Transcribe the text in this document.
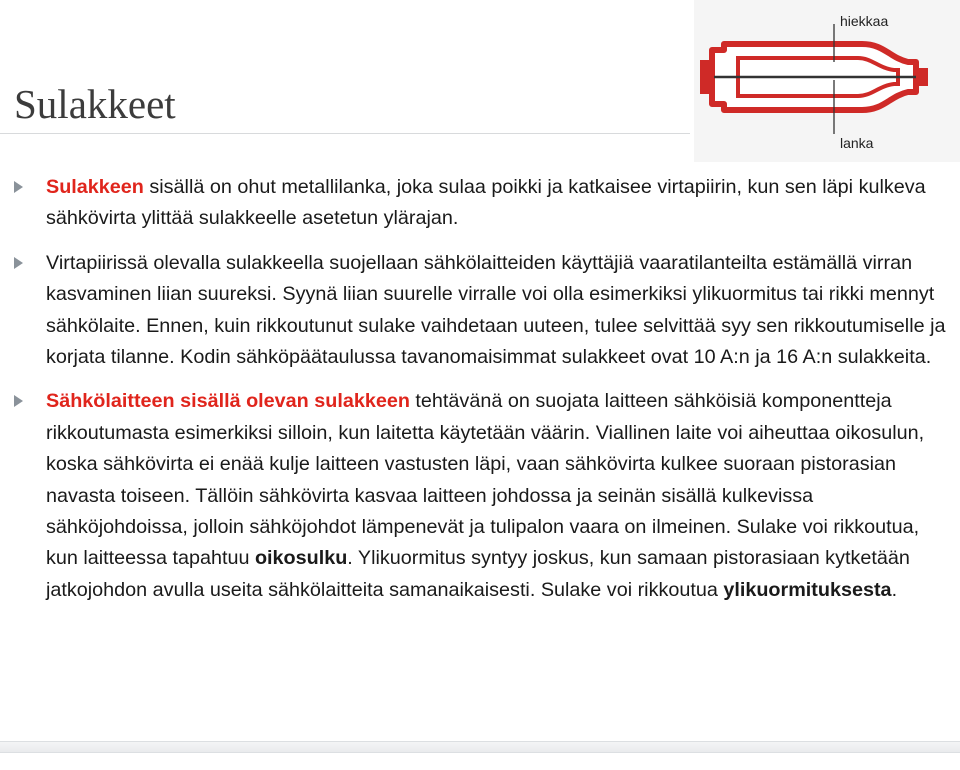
Sulakkeet
hiekkaa
lanka

Sulakkeen sisällä on ohut metallilanka, joka sulaa poikki ja katkaisee virtapiirin, kun sen läpi kulkeva sähkövirta ylittää sulakkeelle asetetun ylärajan.

Virtapiirissä olevalla sulakkeella suojellaan sähkölaitteiden käyttäjiä vaaratilanteilta estämällä virran kasvaminen liian suureksi. Syynä liian suurelle virralle voi olla esimerkiksi ylikuormitus tai rikki mennyt sähkölaite. Ennen, kuin rikkoutunut sulake vaihdetaan uuteen, tulee selvittää syy sen rikkoutumiselle ja korjata tilanne. Kodin sähköpäätaulussa tavanomaisimmat sulakkeet ovat 10 A:n ja 16 A:n sulakkeita.

Sähkölaitteen sisällä olevan sulakkeen tehtävänä on suojata laitteen sähköisiä komponentteja rikkoutumasta esimerkiksi silloin, kun laitetta käytetään väärin. Viallinen laite voi aiheuttaa oikosulun, koska sähkövirta ei enää kulje laitteen vastusten läpi, vaan sähkövirta kulkee suoraan pistorasian navasta toiseen. Tällöin sähkövirta kasvaa laitteen johdossa ja seinän sisällä kulkevissa sähköjohdoissa, jolloin sähköjohdot lämpenevät ja tulipalon vaara on ilmeinen. Sulake voi rikkoutua, kun laitteessa tapahtuu oikosulku. Ylikuormitus syntyy joskus, kun samaan pistorasiaan kytketään jatkojohdon avulla useita sähkölaitteita samanaikaisesti. Sulake voi rikkoutua ylikuormituksesta.
